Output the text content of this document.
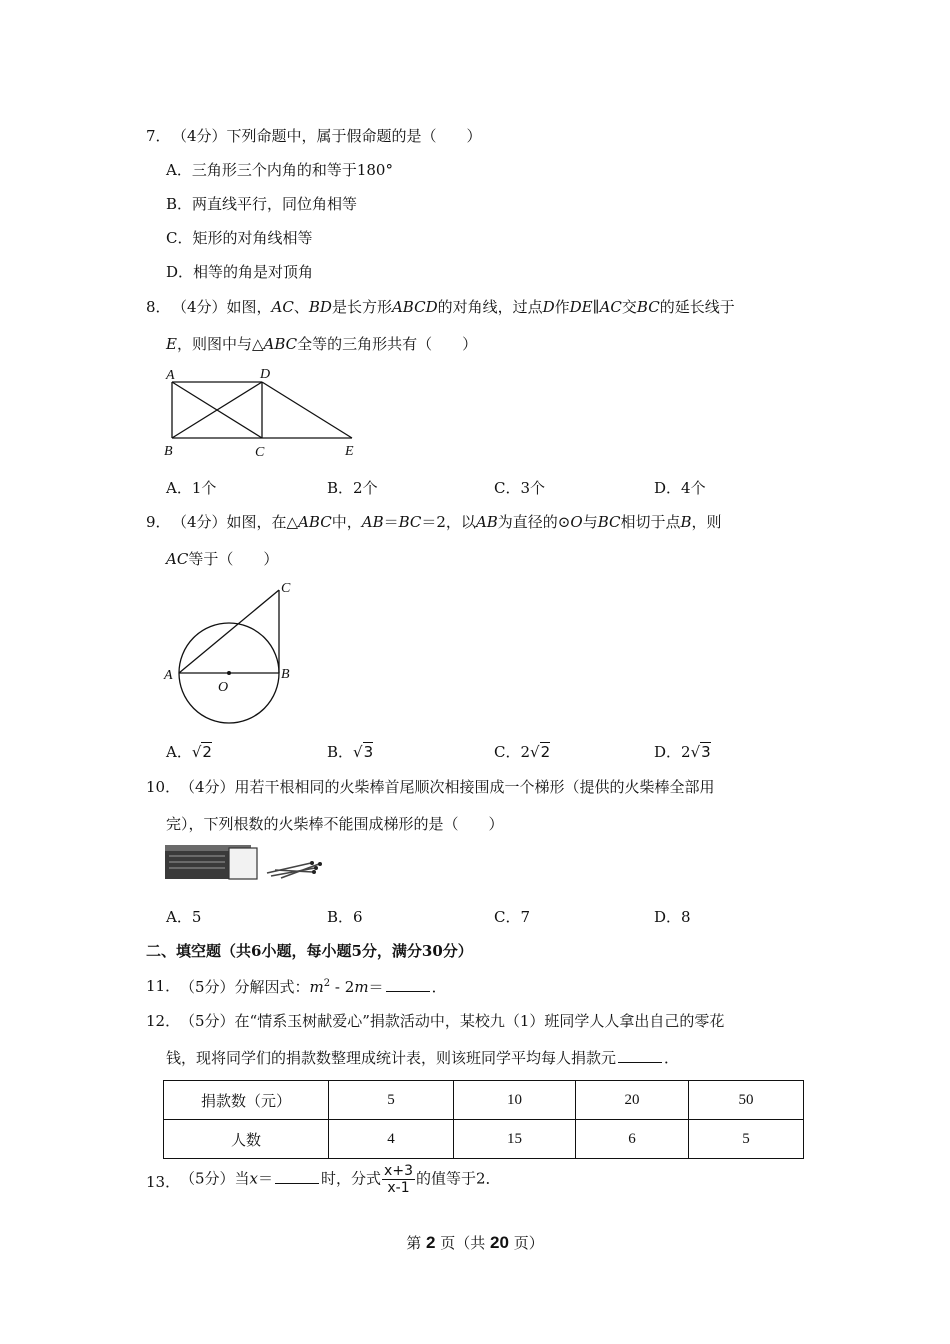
7． （4分）下列命题中，属于假命题的是（　　）
A．三角形三个内角的和等于180°
B．两直线平行，同位角相等
C．矩形的对角线相等
D．相等的角是对顶角
8． （4分）如图，AC、BD是长方形ABCD的对角线，过点D作DE∥AC交BC的延长线于
E，则图中与△ABC全等的三角形共有（　　）
A	D
B	C	E
A．1个	B．2个	C．3个	D．4个
9． （4分）如图，在△ABC中，AB＝BC＝2，以AB为直径的⊙O与BC相切于点B，则
AC等于（　　）
A	B
C
O
A．√2	B．√3	C．2√2	D．2√3
10． （4分）用若干根相同的火柴棒首尾顺次相接围成一个梯形（提供的火柴棒全部用
完），下列根数的火柴棒不能围成梯形的是（　　）
A．5	B．6	C．7	D．8
二、填空题（共6小题，每小题5分，满分30分）
11． （5分）分解因式：$m^2 - 2m=$	．
12． （5分）在“情系玉树献爱心”捐款活动中，某校九（1）班同学人人拿出自己的零花
钱，现将同学们的捐款数整理成统计表，则该班同学平均每人捐款元	．
捐款数（元）	5	10	20	50
人数	4	15	6	5
13． （5分）当x＝	时，分式 $\frac{x+3}{x-1}$ 的值等于2．
第 2 页（共 20 页）
